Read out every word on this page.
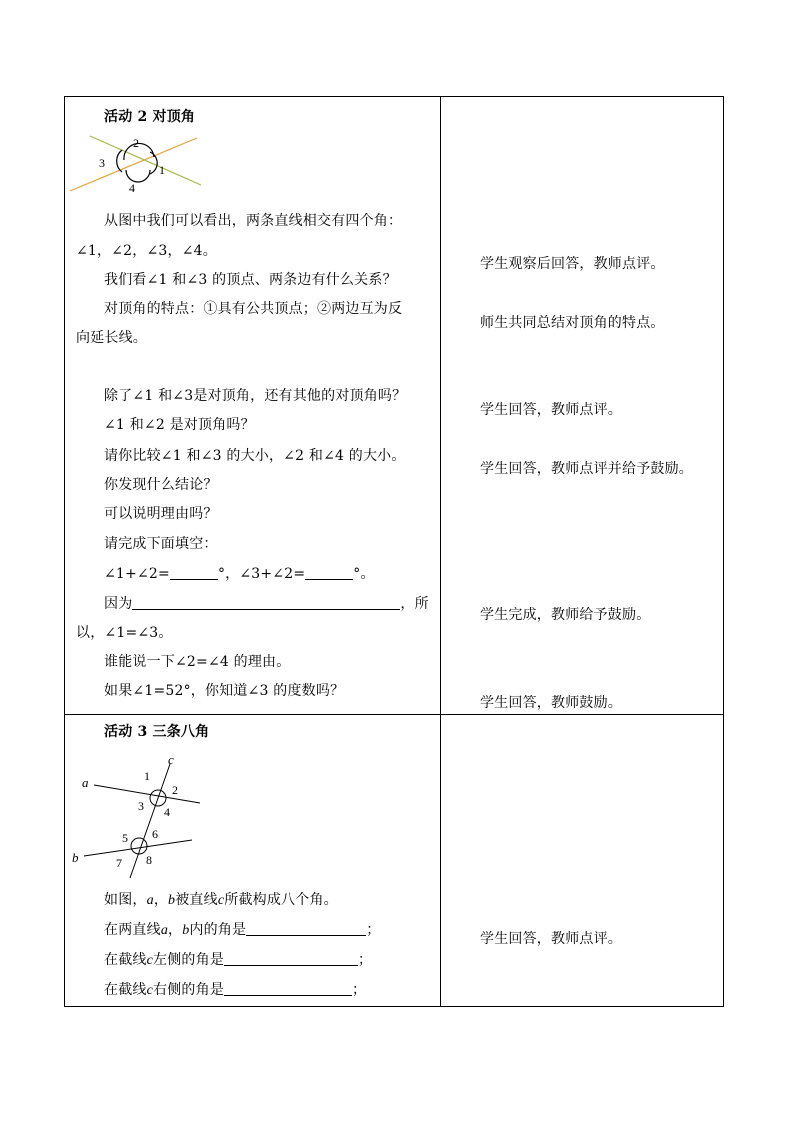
活动 2 对顶角
2
3	1
4
从图中我们可以看出，两条直线相交有四个角：
∠1，∠2，∠3，∠4。
我们看∠1 和∠3 的顶点、两条边有什么关系？
对顶角的特点：①具有公共顶点；②两边互为反
向延长线。
除了∠1 和∠3是对顶角，还有其他的对顶角吗？
∠1 和∠2 是对顶角吗？
请你比较∠1 和∠3 的大小，∠2 和∠4 的大小。
你发现什么结论？
可以说明理由吗？
请完成下面填空：
∠1+∠2=	°，∠3+∠2=	°。
因为	，所
以，∠1=∠3。
谁能说一下∠2=∠4 的理由。
如果∠1=52°，你知道∠3 的度数吗？
学生观察后回答，教师点评。
师生共同总结对顶角的特点。
学生回答，教师点评。
学生回答，教师点评并给予鼓励。
学生完成，教师给予鼓励。
学生回答，教师鼓励。
活动 3 三条八角
a
b
c
1
2
3 4
5 6
7 8
如图，a，b被直线c所截构成八个角。
在两直线a，b内的角是	；
在截线c左侧的角是	；
在截线c右侧的角是	；
学生回答，教师点评。
